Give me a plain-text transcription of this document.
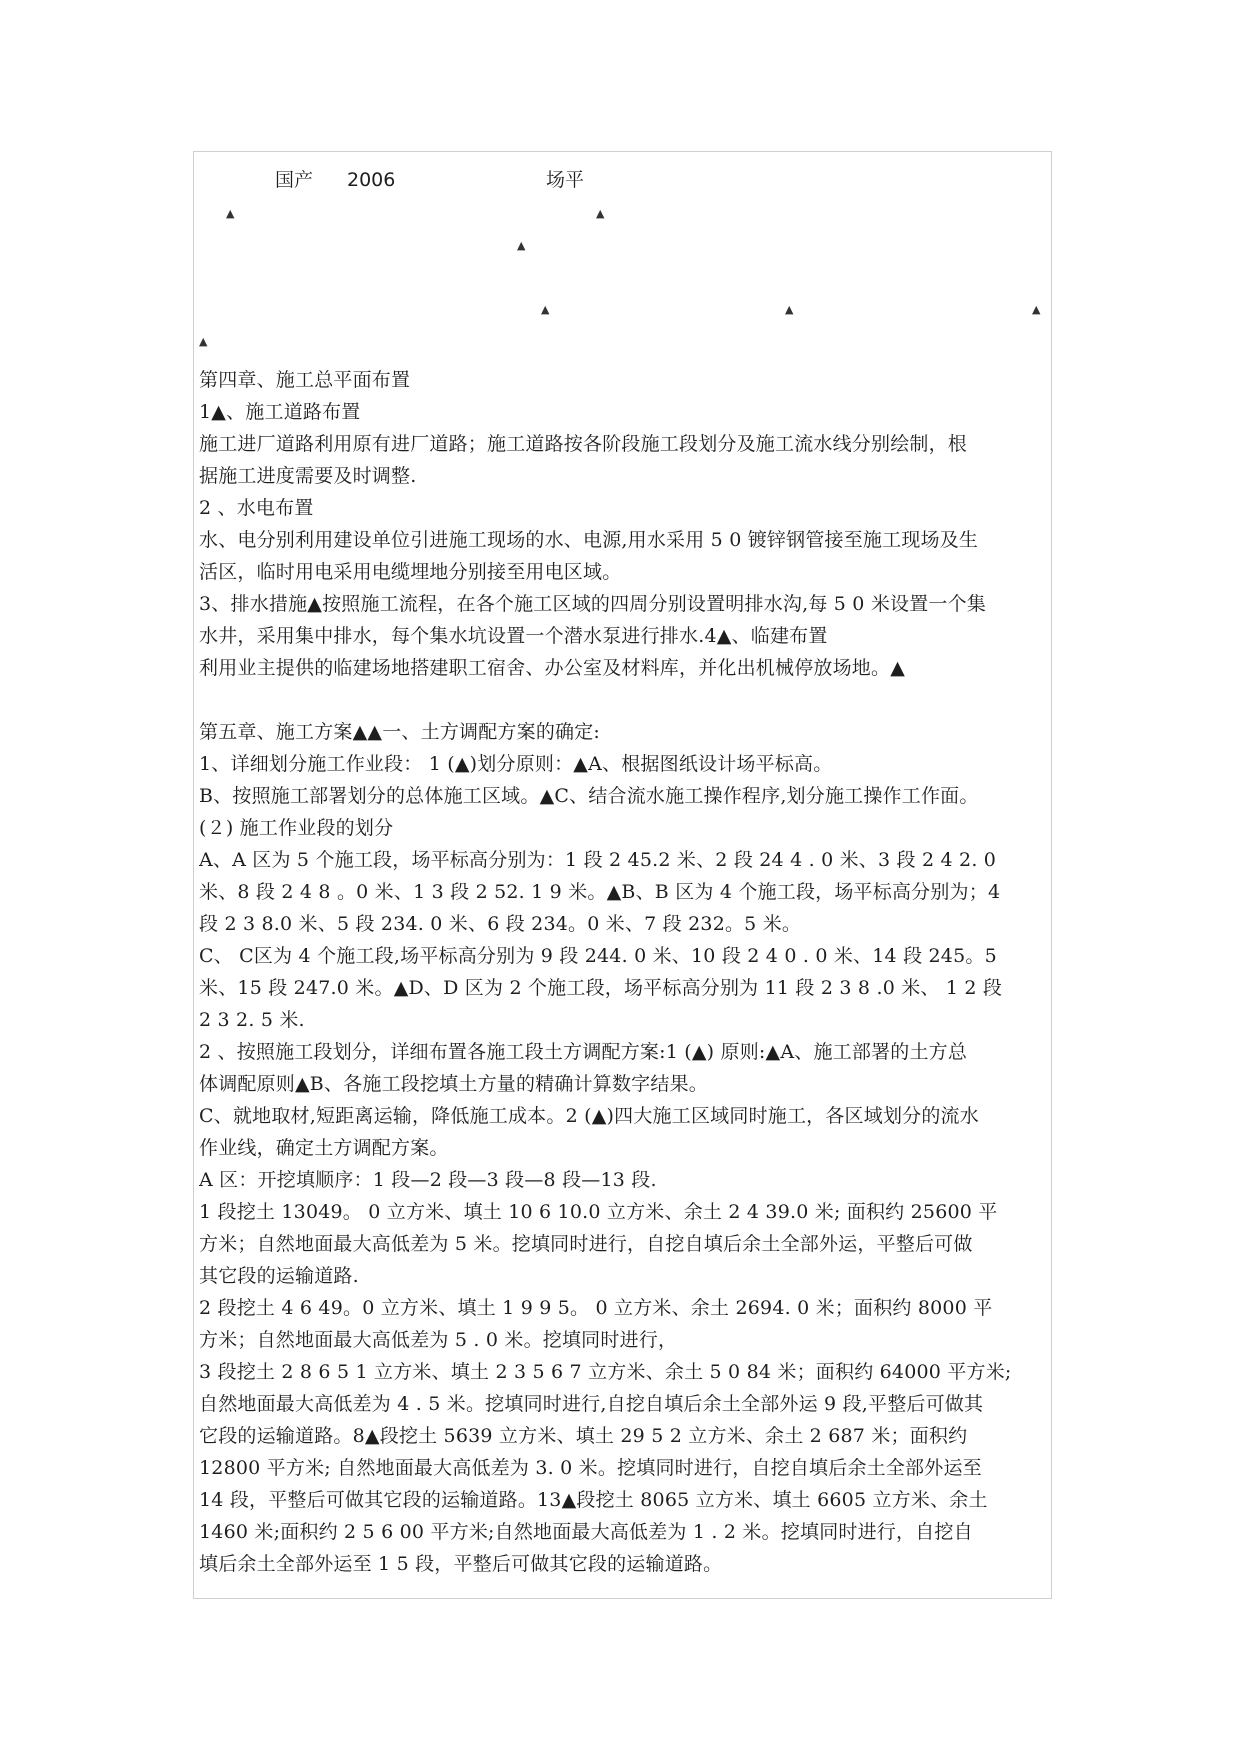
国产 2006	场平
▲	▲
▲
▲	▲	▲
▲
第四章、施工总平面布置
1▲、施工道路布置
施工进厂道路利用原有进厂道路；施工道路按各阶段施工段划分及施工流水线分别绘制，根
据施工进度需要及时调整.
2 、水电布置
水、电分别利用建设单位引进施工现场的水、电源,用水采用 5 0 镀锌钢管接至施工现场及生
活区，临时用电采用电缆埋地分别接至用电区域。
3、排水措施▲按照施工流程，在各个施工区域的四周分别设置明排水沟,每 5 0 米设置一个集
水井，采用集中排水，每个集水坑设置一个潜水泵进行排水.4▲、临建布置
利用业主提供的临建场地搭建职工宿舍、办公室及材料库，并化出机械停放场地。▲
第五章、施工方案▲▲一、土方调配方案的确定:
1、详细划分施工作业段： 1 (▲)划分原则：▲A、根据图纸设计场平标高。
B、按照施工部署划分的总体施工区域。▲C、结合流水施工操作程序,划分施工操作工作面。
(２) 施工作业段的划分
A、A 区为 5 个施工段，场平标高分别为：1 段 2 45.2 米、2 段 24 4 . 0 米、3 段 2 4 2. 0
米、8 段 2 4 8 。0 米、1 3 段 2 52. 1 9 米。▲B、B 区为 4 个施工段，场平标高分别为；4
段 2 3 8.0 米、5 段 234. 0 米、6 段 234。0 米、7 段 232。5 米。
C、 C区为 4 个施工段,场平标高分别为 9 段 244. 0 米、10 段 2 4 0 . 0 米、14 段 245。5
米、15 段 247.0 米。▲D、D 区为 2 个施工段，场平标高分别为 11 段 2 3 8 .0 米、 1 2 段
2 3 2. 5 米.
2 、按照施工段划分，详细布置各施工段土方调配方案:1 (▲) 原则:▲A、施工部署的土方总
体调配原则▲B、各施工段挖填土方量的精确计算数字结果。
C、就地取材,短距离运输，降低施工成本。2 (▲)四大施工区域同时施工，各区域划分的流水
作业线，确定土方调配方案。
A 区：开挖填顺序：1 段—2 段—3 段—8 段—13 段.
1 段挖土 13049。 0 立方米、填土 10 6 10.0 立方米、余土 2 4 39.0 米; 面积约 25600 平
方米；自然地面最大高低差为 5 米。挖填同时进行，自挖自填后余土全部外运，平整后可做
其它段的运输道路.
2 段挖土 4 6 49。0 立方米、填土 1 9 9 5。 0 立方米、余土 2694. 0 米；面积约 8000 平
方米；自然地面最大高低差为 5 . 0 米。挖填同时进行，
3 段挖土 2 8 6 5 1 立方米、填土 2 3 5 6 7 立方米、余土 5 0 84 米；面积约 64000 平方米;
自然地面最大高低差为 4 . 5 米。挖填同时进行,自挖自填后余土全部外运 9 段,平整后可做其
它段的运输道路。8▲段挖土 5639 立方米、填土 29 5 2 立方米、余土 2 687 米；面积约
12800 平方米; 自然地面最大高低差为 3. 0 米。挖填同时进行，自挖自填后余土全部外运至
14 段，平整后可做其它段的运输道路。13▲段挖土 8065 立方米、填土 6605 立方米、余土
1460 米;面积约 2 5 6 00 平方米;自然地面最大高低差为 1 . 2 米。挖填同时进行，自挖自
填后余土全部外运至 1 5 段，平整后可做其它段的运输道路。
